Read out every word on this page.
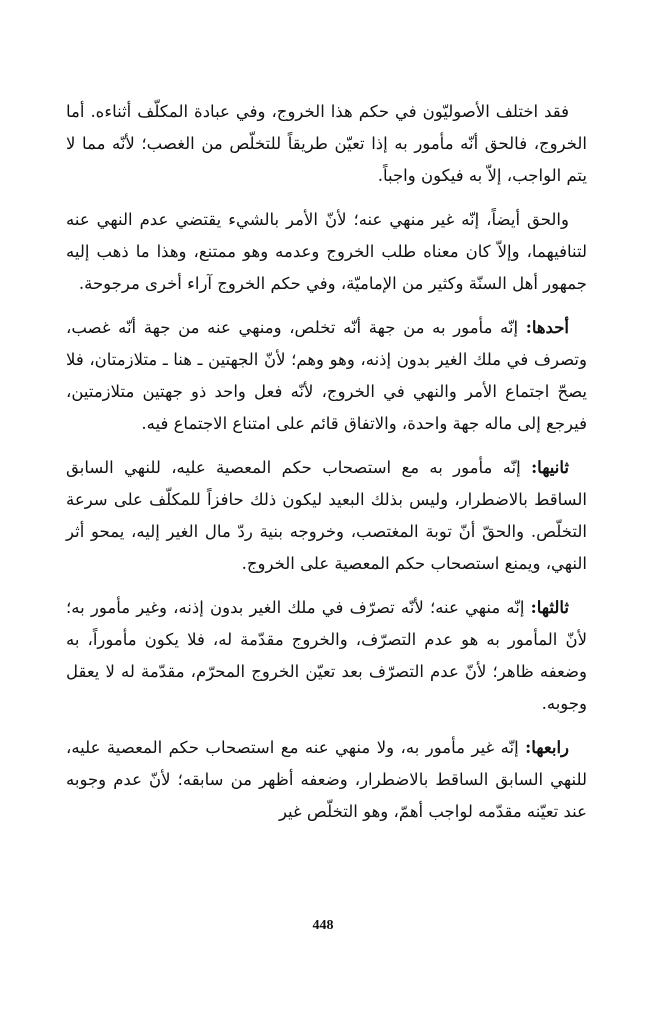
فقد اختلف الأصوليّون في حكم هذا الخروج، وفي عبادة المكلّف أثناءه. أما الخروج، فالحق أنّه مأمور به إذا تعيّن طريقاً للتخلّص من الغصب؛ لأنّه مما لا يتم الواجب، إلاّ به فيكون واجباً.

والحق أيضاً، إنّه غير منهي عنه؛ لأنّ الأمر بالشيء يقتضي عدم النهي عنه لتنافيهما، وإلاّ كان معناه طلب الخروج وعدمه وهو ممتنع، وهذا ما ذهب إليه جمهور أهل السنّة وكثير من الإماميّة، وفي حكم الخروج آراء أخرى مرجوحة.

أحدها: إنّه مأمور به من جهة أنّه تخلص، ومنهي عنه من جهة أنّه غصب، وتصرف في ملك الغير بدون إذنه، وهو وهم؛ لأنّ الجهتين ـ هنا ـ متلازمتان، فلا يصحّ اجتماع الأمر والنهي في الخروج، لأنّه فعل واحد ذو جهتين متلازمتين، فيرجع إلى ماله جهة واحدة، والاتفاق قائم على امتناع الاجتماع فيه.

ثانيها: إنّه مأمور به مع استصحاب حكم المعصية عليه، للنهي السابق الساقط بالاضطرار، وليس بذلك البعيد ليكون ذلك حافزاً للمكلّف على سرعة التخلّص. والحقّ أنّ توبة المغتصب، وخروجه بنية ردّ مال الغير إليه، يمحو أثر النهي، ويمنع استصحاب حكم المعصية على الخروج.

ثالثها: إنّه منهي عنه؛ لأنّه تصرّف في ملك الغير بدون إذنه، وغير مأمور به؛ لأنّ المأمور به هو عدم التصرّف، والخروج مقدّمة له، فلا يكون مأموراً، به وضعفه ظاهر؛ لأنّ عدم التصرّف بعد تعيّن الخروج المحرّم، مقدّمة له لا يعقل وجوبه.

رابعها: إنّه غير مأمور به، ولا منهي عنه مع استصحاب حكم المعصية عليه، للنهي السابق الساقط بالاضطرار، وضعفه أظهر من سابقه؛ لأنّ عدم وجوبه عند تعيّنه مقدّمه لواجب أهمّ، وهو التخلّص غير

448
